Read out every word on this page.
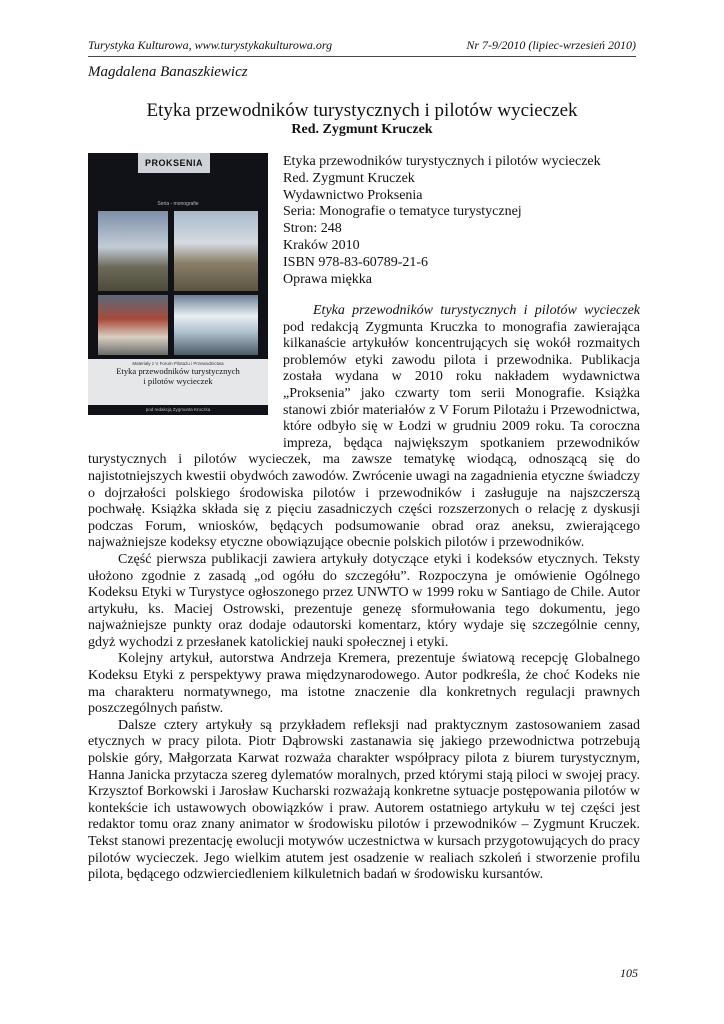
Turystyka Kulturowa, www.turystykakulturowa.org	Nr 7-9/2010 (lipiec-wrzesień 2010)
Magdalena Banaszkiewicz
Etyka przewodników turystycznych i pilotów wycieczek
Red. Zygmunt Kruczek
PROKSENIA
Seria - monografie
Materiały z V Forum Pilotażu i Przewodnictwa
Etyka przewodników turystycznych
i pilotów wycieczek
pod redakcją Zygmunta Kruczka
Etyka przewodników turystycznych i pilotów wycieczek
Red. Zygmunt Kruczek
Wydawnictwo Proksenia
Seria: Monografie o tematyce turystycznej
Stron: 248
Kraków 2010
ISBN 978-83-60789-21-6
Oprawa miękka

Etyka przewodników turystycznych i pilotów wycieczek pod redakcją Zygmunta Kruczka to monografia zawierająca kilkanaście artykułów koncentrujących się wokół rozmaitych problemów etyki zawodu pilota i przewodnika. Publikacja została wydana w 2010 roku nakładem wydawnictwa „Proksenia” jako czwarty tom serii Monografie. Książka stanowi zbiór materiałów z V Forum Pilotażu i Przewodnictwa, które odbyło się w Łodzi w grudniu 2009 roku. Ta coroczna impreza, będąca największym spotkaniem przewodników turystycznych i pilotów wycieczek, ma zawsze tematykę wiodącą, odnoszącą się do najistotniejszych kwestii obydwóch zawodów. Zwrócenie uwagi na zagadnienia etyczne świadczy o dojrzałości polskiego środowiska pilotów i przewodników i zasługuje na najszczerszą pochwałę. Książka składa się z pięciu zasadniczych części rozszerzonych o relację z dyskusji podczas Forum, wniosków, będących podsumowanie obrad oraz aneksu, zwierającego najważniejsze kodeksy etyczne obowiązujące obecnie polskich pilotów i przewodników.

Część pierwsza publikacji zawiera artykuły dotyczące etyki i kodeksów etycznych. Teksty ułożono zgodnie z zasadą „od ogółu do szczegółu”. Rozpoczyna je omówienie Ogólnego Kodeksu Etyki w Turystyce ogłoszonego przez UNWTO w 1999 roku w Santiago de Chile. Autor artykułu, ks. Maciej Ostrowski, prezentuje genezę sformułowania tego dokumentu, jego najważniejsze punkty oraz dodaje odautorski komentarz, który wydaje się szczególnie cenny, gdyż wychodzi z przesłanek katolickiej nauki społecznej i etyki.

Kolejny artykuł, autorstwa Andrzeja Kremera, prezentuje światową recepcję Globalnego Kodeksu Etyki z perspektywy prawa międzynarodowego. Autor podkreśla, że choć Kodeks nie ma charakteru normatywnego, ma istotne znaczenie dla konkretnych regulacji prawnych poszczególnych państw.

Dalsze cztery artykuły są przykładem refleksji nad praktycznym zastosowaniem zasad etycznych w pracy pilota. Piotr Dąbrowski zastanawia się jakiego przewodnictwa potrzebują polskie góry, Małgorzata Karwat rozważa charakter współpracy pilota z biurem turystycznym, Hanna Janicka przytacza szereg dylematów moralnych, przed którymi stają piloci w swojej pracy. Krzysztof Borkowski i Jarosław Kucharski rozważają konkretne sytuacje postępowania pilotów w kontekście ich ustawowych obowiązków i praw. Autorem ostatniego artykułu w tej części jest redaktor tomu oraz znany animator w środowisku pilotów i przewodników – Zygmunt Kruczek. Tekst stanowi prezentację ewolucji motywów uczestnictwa w kursach przygotowujących do pracy pilotów wycieczek. Jego wielkim atutem jest osadzenie w realiach szkoleń i stworzenie profilu pilota, będącego odzwierciedleniem kilkuletnich badań w środowisku kursantów.

105
